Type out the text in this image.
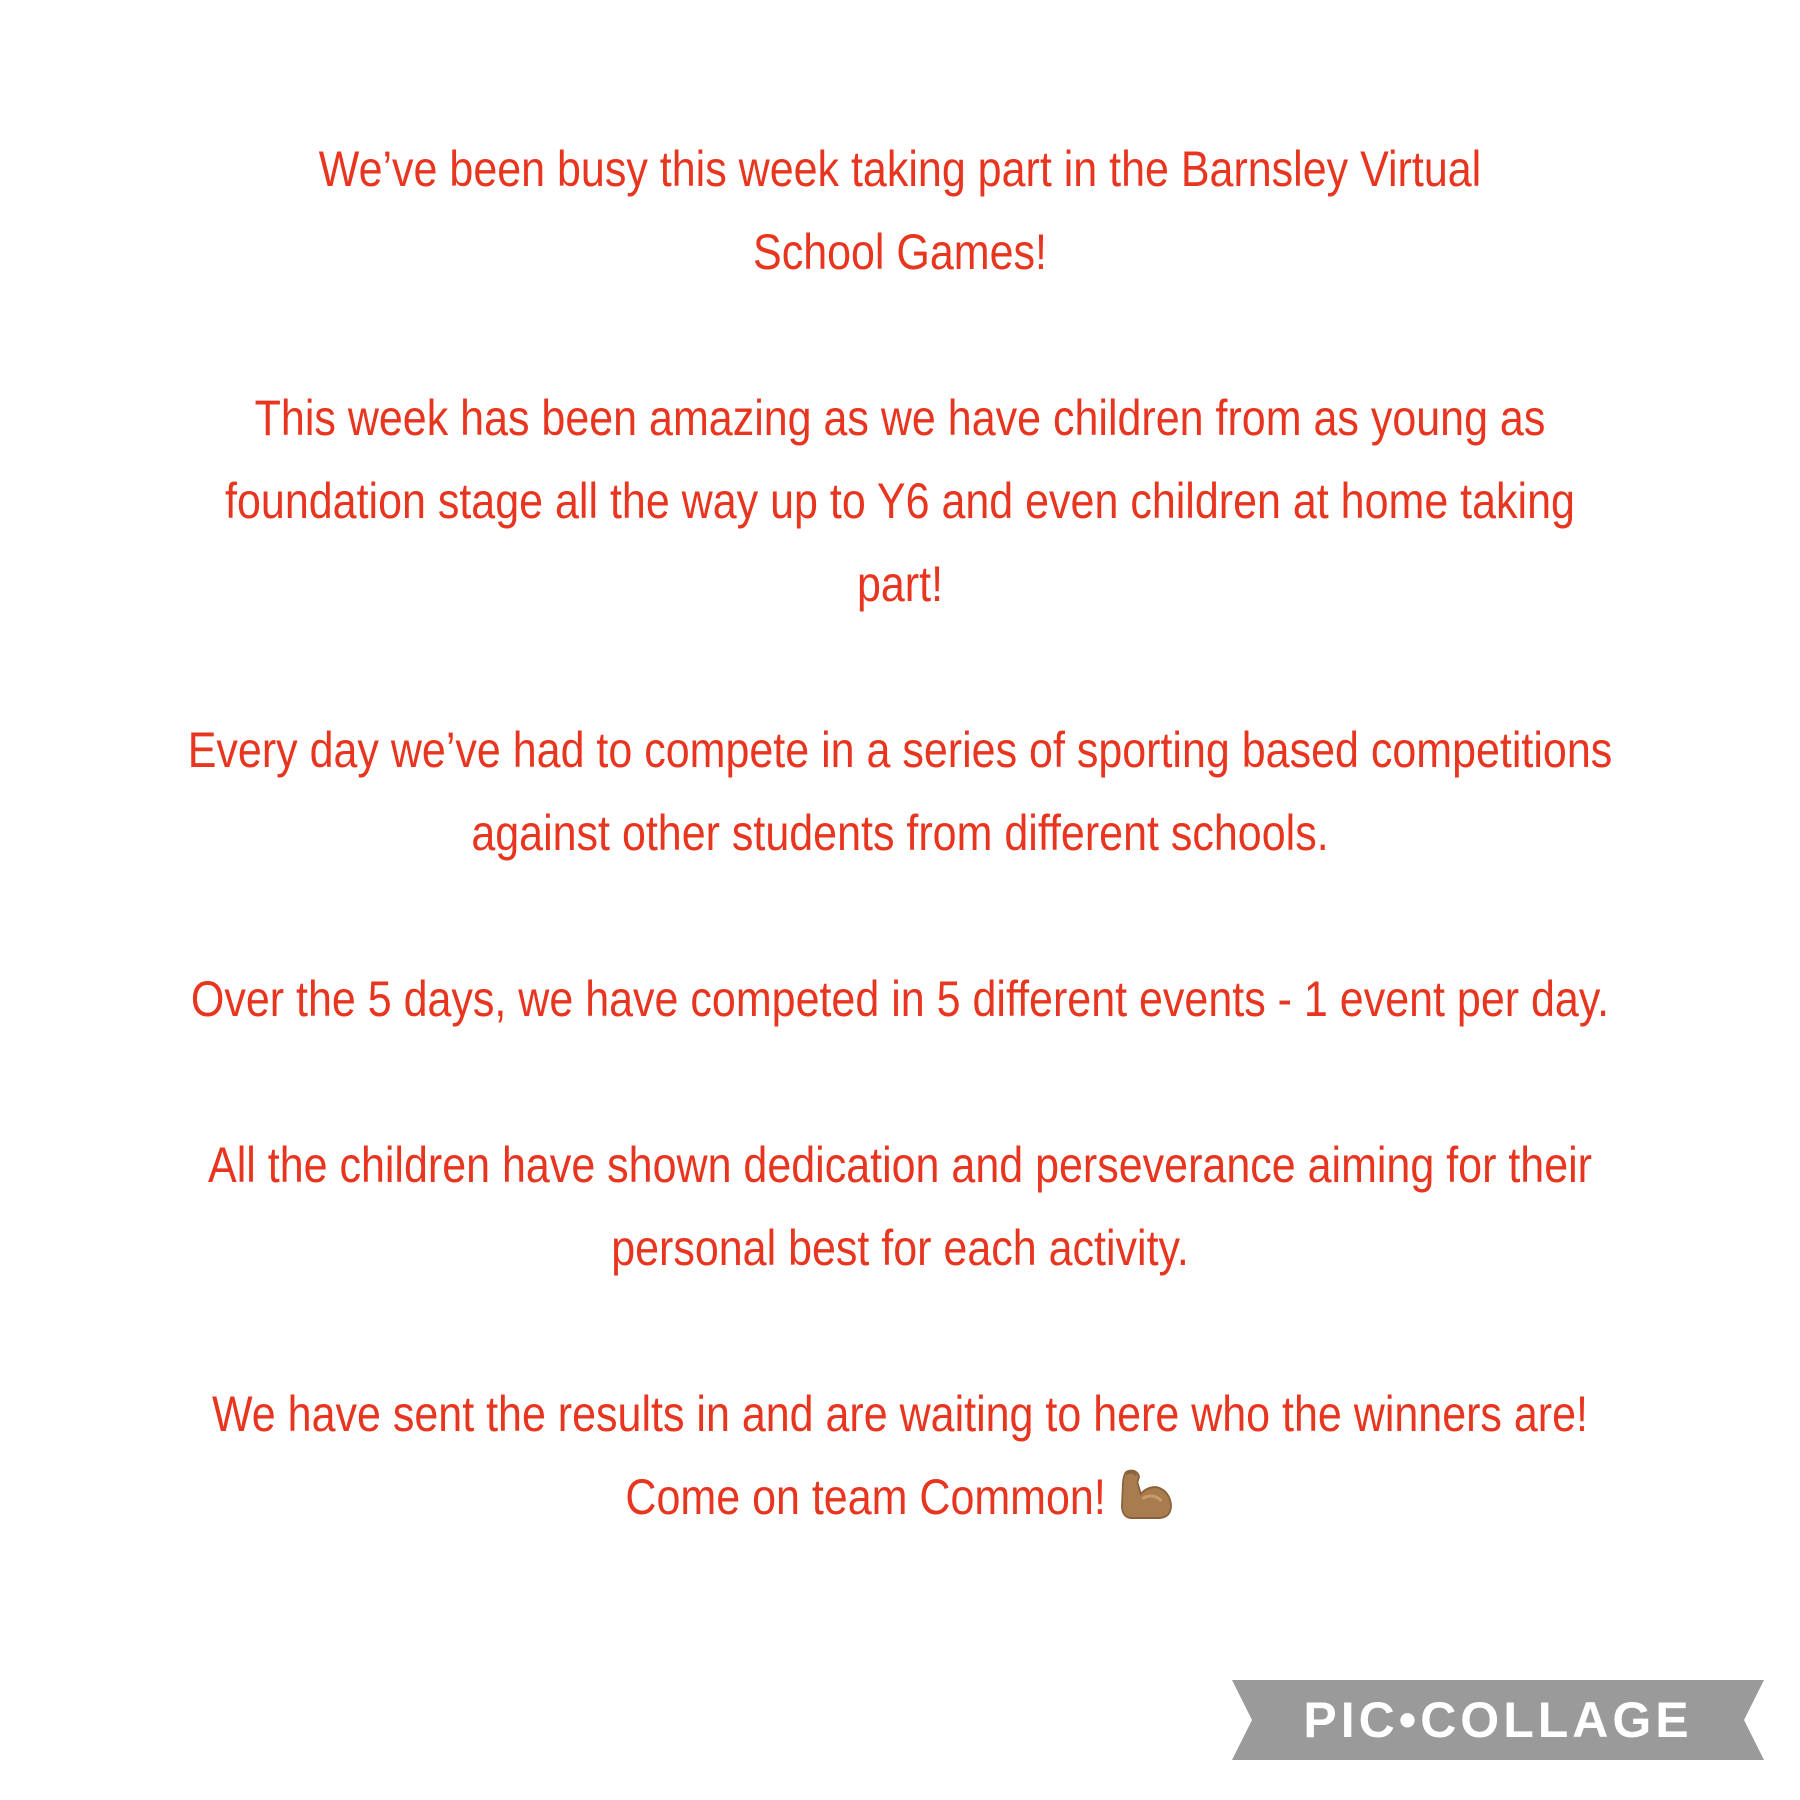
We’ve been busy this week taking part in the Barnsley Virtual
School Games!

This week has been amazing as we have children from as young as
foundation stage all the way up to Y6 and even children at home taking
part!

Every day we’ve had to compete in a series of sporting based competitions
against other students from different schools.

Over the 5 days, we have competed in 5 different events - 1 event per day.

All the children have shown dedication and perseverance aiming for their
personal best for each activity.

We have sent the results in and are waiting to here who the winners are!
Come on team Common!

PIC•COLLAGE
